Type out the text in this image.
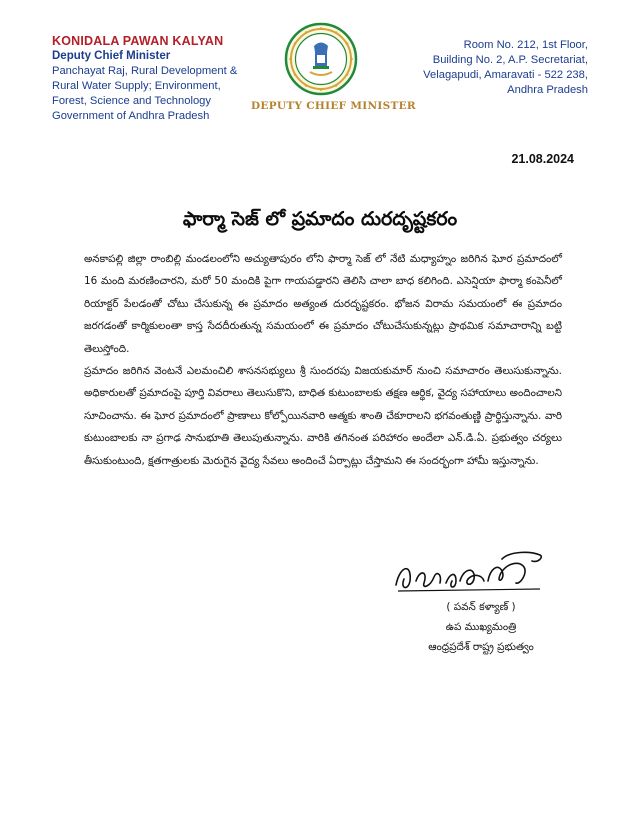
KONIDALA PAWAN KALYAN
Deputy Chief Minister
Panchayat Raj, Rural Development &
Rural Water Supply; Environment,
Forest, Science and Technology
Government of Andhra Pradesh
DEPUTY CHIEF MINISTER
Room No. 212, 1st Floor,
Building No. 2, A.P. Secretariat,
Velagapudi, Amaravati - 522 238,
Andhra Pradesh
21.08.2024
ఫార్మా సెజ్ లో ప్రమాదం దురదృష్టకరం

అనకాపల్లి జిల్లా రాంబిల్లి మండలంలోని అచ్యుతాపురం లోని ఫార్మా సెజ్ లో నేటి మధ్యాహ్నం జరిగిన ఘోర ప్రమాదంలో 16 మంది మరణించారని, మరో 50 మందికి పైగా గాయపడ్డారని తెలిసి చాలా బాధ కలిగింది. ఎసెన్షియా ఫార్మా కంపెనీలో రియాక్టర్ పేలడంతో చోటు చేసుకున్న ఈ ప్రమాదం అత్యంత దురదృష్టకరం. భోజన విరామ సమయంలో ఈ ప్రమాదం జరగడంతో కార్మికులంతా కాస్త సేదదీరుతున్న సమయంలో ఈ ప్రమాదం చోటుచేసుకున్నట్లు ప్రాథమిక సమాచారాన్ని బట్టి తెలుస్తోంది.

ప్రమాదం జరిగిన వెంటనే ఎలమంచిలి శాసనసభ్యులు శ్రీ సుందరపు విజయకుమార్ నుంచి సమాచారం తెలుసుకున్నాను. అధికారులతో ప్రమాదంపై పూర్తి వివరాలు తెలుసుకొని, బాధిత కుటుంబాలకు తక్షణ ఆర్థిక, వైద్య సహాయాలు అందించాలని సూచించాను. ఈ ఘోర ప్రమాదంలో ప్రాణాలు కోల్పోయినవారి ఆత్మకు శాంతి చేకూరాలని భగవంతుణ్ణి ప్రార్థిస్తున్నాను. వారి కుటుంబాలకు నా ప్రగాఢ సానుభూతి తెలుపుతున్నాను. వారికి తగినంత పరిహారం అందేలా ఎన్.డి.ఏ. ప్రభుత్వం చర్యలు తీసుకుంటుంది, క్షతగాత్రులకు మెరుగైన వైద్య సేవలు అందించే ఏర్పాట్లు చేస్తామని ఈ సందర్భంగా హామీ ఇస్తున్నాను.

( పవన్ కళ్యాణ్ )
ఉప ముఖ్యమంత్రి
ఆంధ్రప్రదేశ్ రాష్ట్ర ప్రభుత్వం
